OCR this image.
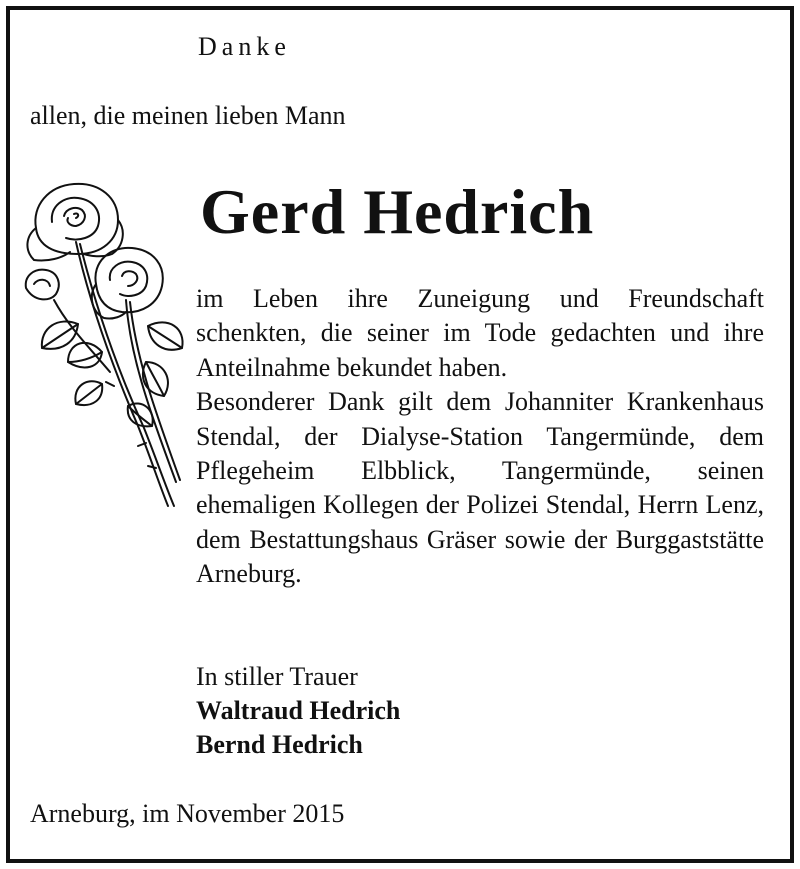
Danke
allen, die meinen lieben Mann
Gerd Hedrich

im Leben ihre Zuneigung und Freundschaft schenkten, die seiner im Tode gedachten und ihre Anteilnahme bekundet haben.

Besonderer Dank gilt dem Johanniter Krankenhaus Stendal, der Dialyse-Station Tangermünde, dem Pflegeheim Elbblick, Tangermünde, seinen ehemaligen Kollegen der Polizei Stendal, Herrn Lenz, dem Bestattungshaus Gräser sowie der Burggaststätte Arneburg.

In stiller Trauer
Waltraud Hedrich
Bernd Hedrich
Arneburg, im November 2015
